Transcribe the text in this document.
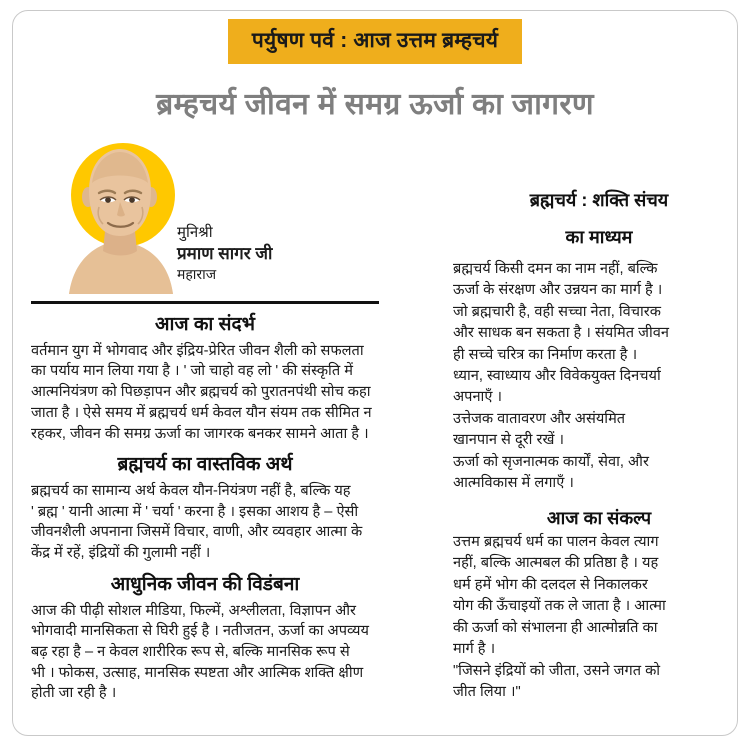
पर्युषण पर्व : आज उत्तम ब्रम्हचर्य
ब्रम्हचर्य जीवन में समग्र ऊर्जा का जागरण
मुनिश्री
प्रमाण सागर जी
महाराज
आज का संदर्भ
वर्तमान युग में भोगवाद और इंद्रिय-प्रेरित जीवन शैली को सफलता
का पर्याय मान लिया गया है । ' जो चाहो वह लो ' की संस्कृति में
आत्मनियंत्रण को पिछड़ापन और ब्रह्मचर्य को पुरातनपंथी सोच कहा
जाता है । ऐसे समय में ब्रह्मचर्य धर्म केवल यौन संयम तक सीमित न
रहकर, जीवन की समग्र ऊर्जा का जागरक बनकर सामने आता है ।
ब्रह्मचर्य का वास्तविक अर्थ
ब्रह्मचर्य का सामान्य अर्थ केवल यौन-नियंत्रण नहीं है, बल्कि यह
' ब्रह्म ' यानी आत्मा में ' चर्या ' करना है । इसका आशय है – ऐसी
जीवनशैली अपनाना जिसमें विचार, वाणी, और व्यवहार आत्मा के
केंद्र में रहें, इंद्रियों की गुलामी नहीं ।
आधुनिक जीवन की विडंबना
आज की पीढ़ी सोशल मीडिया, फिल्में, अश्लीलता, विज्ञापन और
भोगवादी मानसिकता से घिरी हुई है । नतीजतन, ऊर्जा का अपव्यय
बढ़ रहा है – न केवल शारीरिक रूप से, बल्कि मानसिक रूप से
भी । फोकस, उत्साह, मानसिक स्पष्टता और आत्मिक शक्ति क्षीण
होती जा रही है ।
ब्रह्मचर्य : शक्ति संचय
का माध्यम
ब्रह्मचर्य किसी दमन का नाम नहीं, बल्कि
ऊर्जा के संरक्षण और उन्नयन का मार्ग है ।
जो ब्रह्मचारी है, वही सच्चा नेता, विचारक
और साधक बन सकता है । संयमित जीवन
ही सच्चे चरित्र का निर्माण करता है ।
ध्यान, स्वाध्याय और विवेकयुक्त दिनचर्या
अपनाएँ ।
उत्तेजक वातावरण और असंयमित
खानपान से दूरी रखें ।
ऊर्जा को सृजनात्मक कार्यों, सेवा, और
आत्मविकास में लगाएँ ।
आज का संकल्प
उत्तम ब्रह्मचर्य धर्म का पालन केवल त्याग
नहीं, बल्कि आत्मबल की प्रतिष्ठा है । यह
धर्म हमें भोग की दलदल से निकालकर
योग की ऊँचाइयों तक ले जाता है । आत्मा
की ऊर्जा को संभालना ही आत्मोन्नति का
मार्ग है ।
"जिसने इंद्रियों को जीता, उसने जगत को
जीत लिया ।"
